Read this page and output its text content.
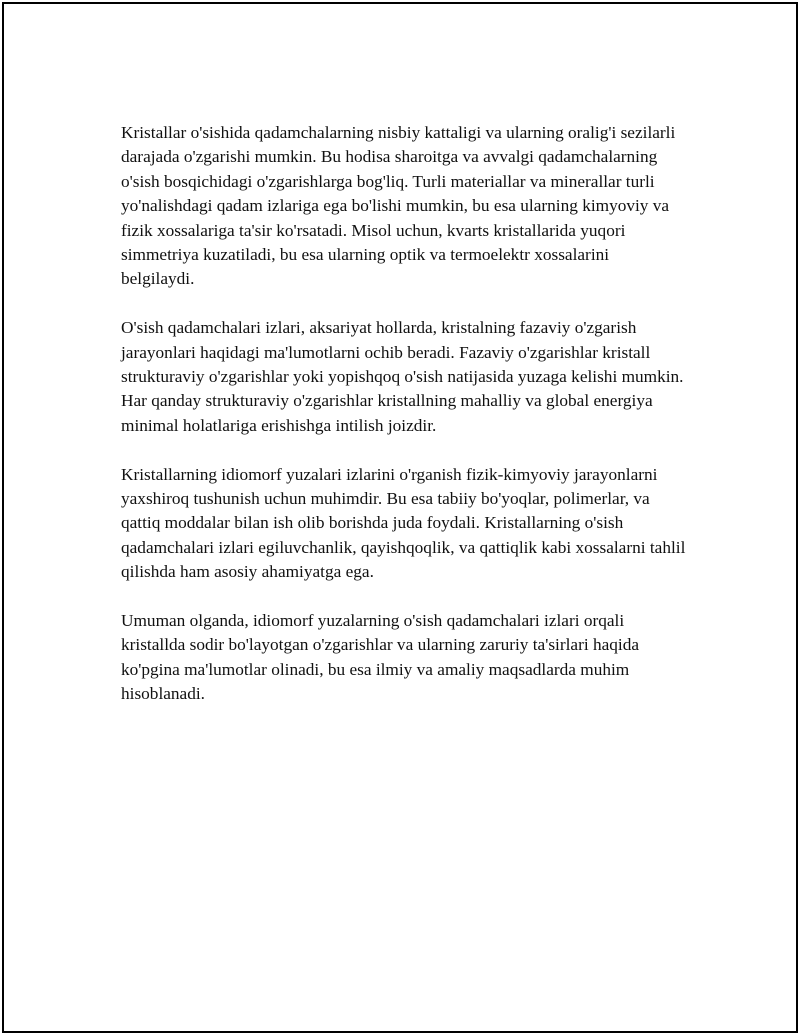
Kristallar o'sishida qadamchalarning nisbiy kattaligi va ularning oralig'i sezilarli darajada o'zgarishi mumkin. Bu hodisa sharoitga va avvalgi qadamchalarning o'sish bosqichidagi o'zgarishlarga bog'liq. Turli materiallar va minerallar turli yo'nalishdagi qadam izlariga ega bo'lishi mumkin, bu esa ularning kimyoviy va fizik xossalariga ta'sir ko'rsatadi. Misol uchun, kvarts kristallarida yuqori simmetriya kuzatiladi, bu esa ularning optik va termoelektr xossalarini belgilaydi.

O'sish qadamchalari izlari, aksariyat hollarda, kristalning fazaviy o'zgarish jarayonlari haqidagi ma'lumotlarni ochib beradi. Fazaviy o'zgarishlar kristall strukturaviy o'zgarishlar yoki yopishqoq o'sish natijasida yuzaga kelishi mumkin. Har qanday strukturaviy o'zgarishlar kristallning mahalliy va global energiya minimal holatlariga erishishga intilish joizdir.

Kristallarning idiomorf yuzalari izlarini o'rganish fizik-kimyoviy jarayonlarni yaxshiroq tushunish uchun muhimdir. Bu esa tabiiy bo'yoqlar, polimerlar, va qattiq moddalar bilan ish olib borishda juda foydali. Kristallarning o'sish qadamchalari izlari egiluvchanlik, qayishqoqlik, va qattiqlik kabi xossalarni tahlil qilishda ham asosiy ahamiyatga ega.

Umuman olganda, idiomorf yuzalarning o'sish qadamchalari izlari orqali kristallda sodir bo'layotgan o'zgarishlar va ularning zaruriy ta'sirlari haqida ko'pgina ma'lumotlar olinadi, bu esa ilmiy va amaliy maqsadlarda muhim hisoblanadi.
